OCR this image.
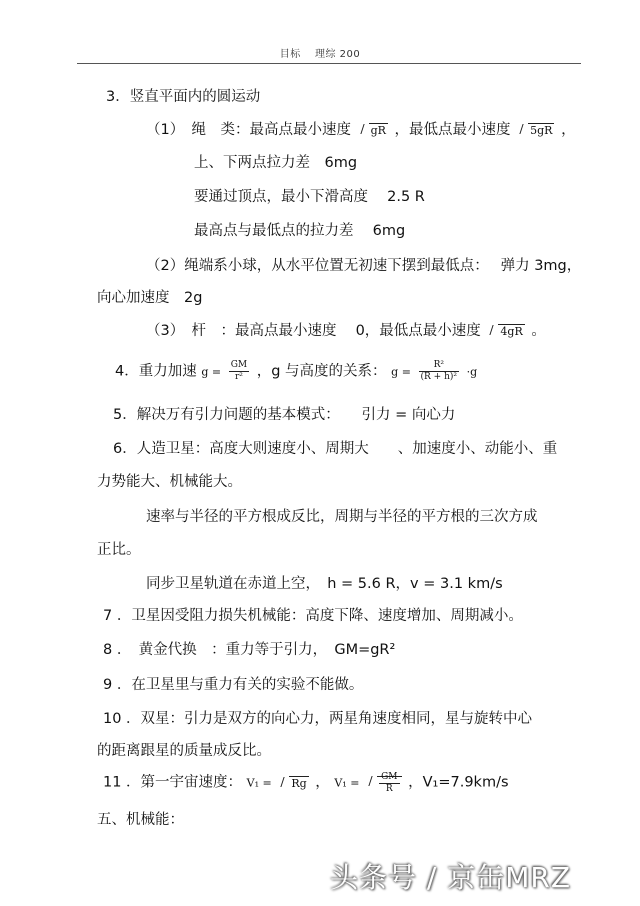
目标　 理综 200
3．竖直平面内的圆运动
（1）　绳　类：最高点最小速度 gR ，最低点最小速度 5gR ，
上、下两点拉力差　6mg
要通过顶点，最小下滑高度　 2.5 R
最高点与最低点的拉力差　 6mg
（2）绳端系小球，从水平位置无初速下摆到最低点：　 弹力 3mg，
向心加速度　2g
（3）　杆　：最高点最小速度　 0，最低点最小速度 4gR 。
4．重力加速 $g = \frac{GM}{\text{r²}}$ ，g 与高度的关系： $g = \frac{\text{R²}}{\text{(R + h)²}} \cdot g$
5．解决万有引力问题的基本模式：　　引力 = 向心力
6．人造卫星：高度大则速度小、周期大　　、加速度小、动能小、重
力势能大、机械能大。
速率与半径的平方根成反比，周期与半径的平方根的三次方成
正比。
同步卫星轨道在赤道上空，　h = 5.6 R，v = 3.1 km/s
7 ．卫星因受阻力损失机械能：高度下降、速度增加、周期减小。
8 ．　黄金代换　：重力等于引力，　GM=gR²
9 ．在卫星里与重力有关的实验不能做。
10 ．双星：引力是双方的向心力，两星角速度相同，星与旋转中心
的距离跟星的质量成反比。
11 ．第一宇宙速度： V₁ = Rg ， $V_1 = \frac{GM}{R}$ ，V₁=7.9km/s
五、机械能：
头条号 / 京缶MRZ
